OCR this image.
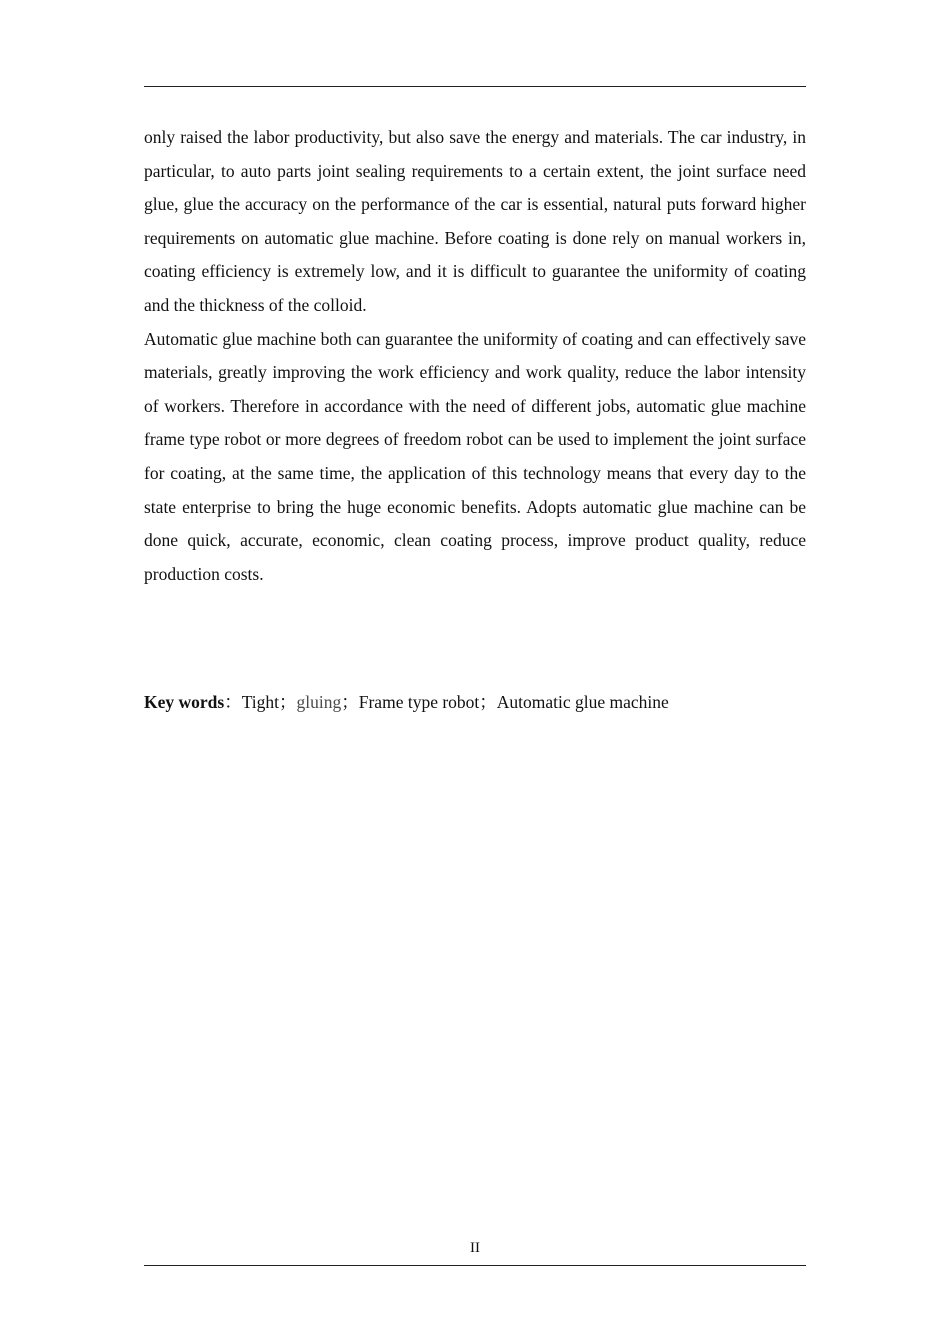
only raised the labor productivity, but also save the energy and materials. The car industry, in particular, to auto parts joint sealing requirements to a certain extent, the joint surface need glue, glue the accuracy on the performance of the car is essential, natural puts forward higher requirements on automatic glue machine. Before coating is done rely on manual workers in, coating efficiency is extremely low, and it is difficult to guarantee the uniformity of coating and the thickness of the colloid.

Automatic glue machine both can guarantee the uniformity of coating and can effectively save materials, greatly improving the work efficiency and work quality, reduce the labor intensity of workers. Therefore in accordance with the need of different jobs, automatic glue machine frame type robot or more degrees of freedom robot can be used to implement the joint surface for coating, at the same time, the application of this technology means that every day to the state enterprise to bring the huge economic benefits. Adopts automatic glue machine can be done quick, accurate, economic, clean coating process, improve product quality, reduce production costs.

Key words：Tight；gluing；Frame type robot；Automatic glue machine
II
